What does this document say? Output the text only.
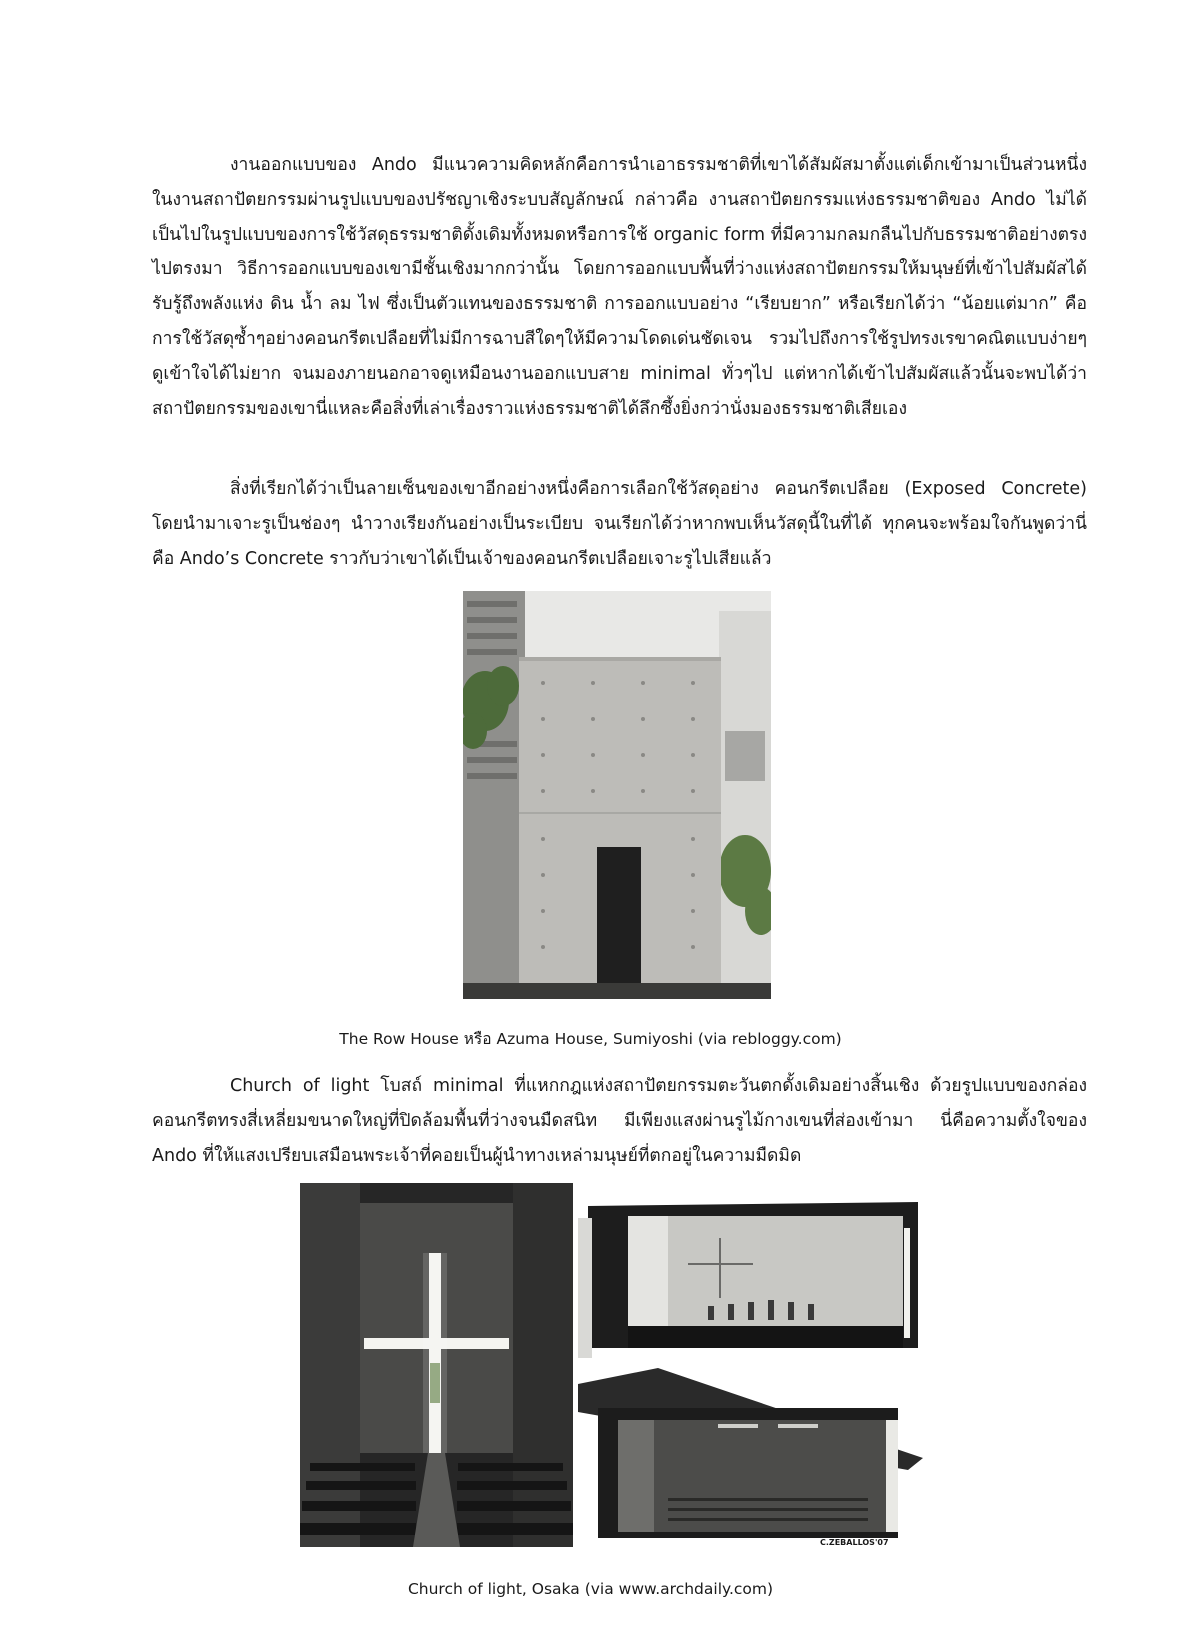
งานออกแบบของ Ando มีแนวความคิดหลักคือการนำเอาธรรมชาติที่เขาได้สัมผัสมาตั้งแต่เด็กเข้ามาเป็นส่วนหนึ่งในงานสถาปัตยกรรมผ่านรูปแบบของปรัชญาเชิงระบบสัญลักษณ์ กล่าวคือ งานสถาปัตยกรรมแห่งธรรมชาติของ Ando ไม่ได้เป็นไปในรูปแบบของการใช้วัสดุธรรมชาติดั้งเดิมทั้งหมดหรือการใช้ organic form ที่มีความกลมกลืนไปกับธรรมชาติอย่างตรงไปตรงมา วิธีการออกแบบของเขามีชั้นเชิงมากกว่านั้น โดยการออกแบบพื้นที่ว่างแห่งสถาปัตยกรรมให้มนุษย์ที่เข้าไปสัมผัสได้รับรู้ถึงพลังแห่ง ดิน น้ำ ลม ไฟ ซึ่งเป็นตัวแทนของธรรมชาติ การออกแบบอย่าง “เรียบยาก” หรือเรียกได้ว่า “น้อยแต่มาก” คือการใช้วัสดุซ้ำๆอย่างคอนกรีตเปลือยที่ไม่มีการฉาบสีใดๆให้มีความโดดเด่นชัดเจน รวมไปถึงการใช้รูปทรงเรขาคณิตแบบง่ายๆ ดูเข้าใจได้ไม่ยาก จนมองภายนอกอาจดูเหมือนงานออกแบบสาย minimal ทั่วๆไป แต่หากได้เข้าไปสัมผัสแล้วนั้นจะพบได้ว่าสถาปัตยกรรมของเขานี่แหละคือสิ่งที่เล่าเรื่องราวแห่งธรรมชาติได้ลึกซึ้งยิ่งกว่านั่งมองธรรมชาติเสียเอง

สิ่งที่เรียกได้ว่าเป็นลายเซ็นของเขาอีกอย่างหนึ่งคือการเลือกใช้วัสดุอย่าง คอนกรีตเปลือย (Exposed Concrete) โดยนำมาเจาะรูเป็นช่องๆ นำวางเรียงกันอย่างเป็นระเบียบ จนเรียกได้ว่าหากพบเห็นวัสดุนี้ในที่ได้ ทุกคนจะพร้อมใจกันพูดว่านี่คือ Ando’s Concrete ราวกับว่าเขาได้เป็นเจ้าของคอนกรีตเปลือยเจาะรูไปเสียแล้ว

The Row House หรือ Azuma House, Sumiyoshi (via rebloggy.com)

Church of light โบสถ์ minimal ที่แหกกฎแห่งสถาปัตยกรรมตะวันตกดั้งเดิมอย่างสิ้นเชิง ด้วยรูปแบบของกล่องคอนกรีตทรงสี่เหลี่ยมขนาดใหญ่ที่ปิดล้อมพื้นที่ว่างจนมืดสนิท มีเพียงแสงผ่านรูไม้กางเขนที่ส่องเข้ามา นี่คือความตั้งใจของ Ando ที่ให้แสงเปรียบเสมือนพระเจ้าที่คอยเป็นผู้นำทางเหล่ามนุษย์ที่ตกอยู่ในความมืดมิด

C.ZEBALLOS'07

Church of light, Osaka (via www.archdaily.com)
